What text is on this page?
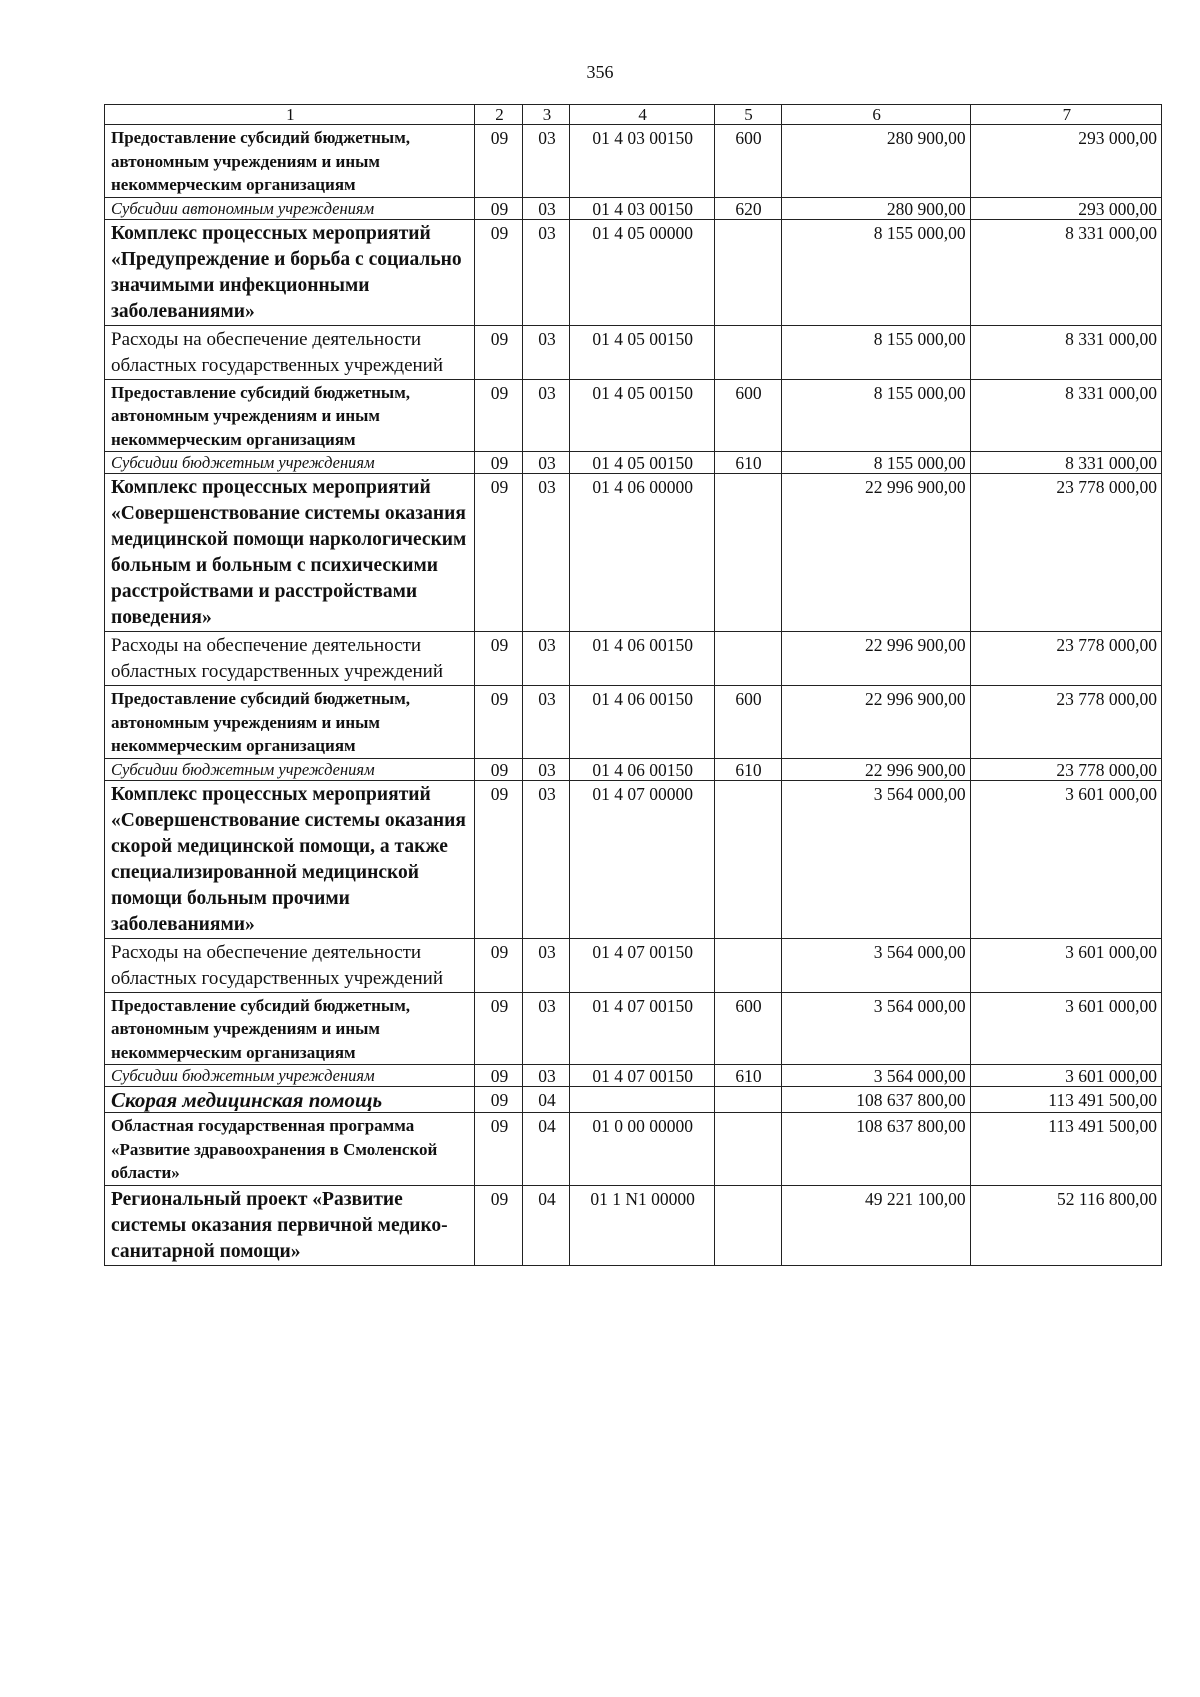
356
1	2	3	4	5	6	7
Предоставление субсидий бюджетным, автономным учреждениям и иным некоммерческим организациям	09	03	01 4 03 00150	600	280 900,00	293 000,00
Субсидии автономным учреждениям	09	03	01 4 03 00150	620	280 900,00	293 000,00
Комплекс процессных мероприятий «Предупреждение и борьба с социально значимыми инфекционными заболеваниями»	09	03	01 4 05 00000		8 155 000,00	8 331 000,00
Расходы на обеспечение деятельности областных государственных учреждений	09	03	01 4 05 00150		8 155 000,00	8 331 000,00
Предоставление субсидий бюджетным, автономным учреждениям и иным некоммерческим организациям	09	03	01 4 05 00150	600	8 155 000,00	8 331 000,00
Субсидии бюджетным учреждениям	09	03	01 4 05 00150	610	8 155 000,00	8 331 000,00
Комплекс процессных мероприятий «Совершенствование системы оказания медицинской помощи наркологическим больным и больным с психическими расстройствами и расстройствами поведения»	09	03	01 4 06 00000		22 996 900,00	23 778 000,00
Расходы на обеспечение деятельности областных государственных учреждений	09	03	01 4 06 00150		22 996 900,00	23 778 000,00
Предоставление субсидий бюджетным, автономным учреждениям и иным некоммерческим организациям	09	03	01 4 06 00150	600	22 996 900,00	23 778 000,00
Субсидии бюджетным учреждениям	09	03	01 4 06 00150	610	22 996 900,00	23 778 000,00
Комплекс процессных мероприятий «Совершенствование системы оказания скорой медицинской помощи, а также специализированной медицинской помощи больным прочими заболеваниями»	09	03	01 4 07 00000		3 564 000,00	3 601 000,00
Расходы на обеспечение деятельности областных государственных учреждений	09	03	01 4 07 00150		3 564 000,00	3 601 000,00
Предоставление субсидий бюджетным, автономным учреждениям и иным некоммерческим организациям	09	03	01 4 07 00150	600	3 564 000,00	3 601 000,00
Субсидии бюджетным учреждениям	09	03	01 4 07 00150	610	3 564 000,00	3 601 000,00
Скорая медицинская помощь	09	04			108 637 800,00	113 491 500,00
Областная государственная программа «Развитие здравоохранения в Смоленской области»	09	04	01 0 00 00000		108 637 800,00	113 491 500,00
Региональный проект «Развитие системы оказания первичной медико-санитарной помощи»	09	04	01 1 N1 00000		49 221 100,00	52 116 800,00
